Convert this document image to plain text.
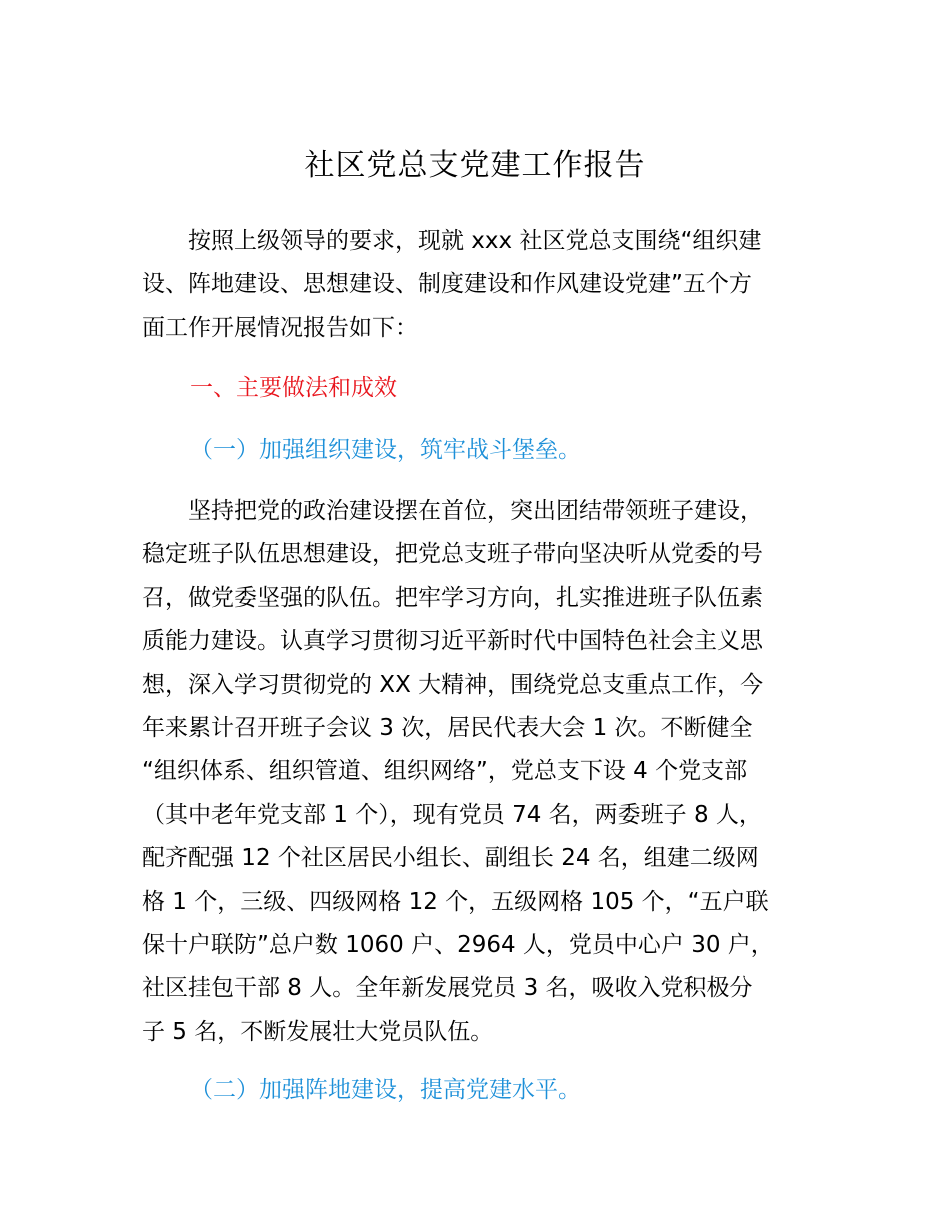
社区党总支党建工作报告

　　按照上级领导的要求，现就 xxx 社区党总支围绕“组织建
设、阵地建设、思想建设、制度建设和作风建设党建”五个方
面工作开展情况报告如下：

一、主要做法和成效
（一）加强组织建设，筑牢战斗堡垒。

　　坚持把党的政治建设摆在首位，突出团结带领班子建设，
稳定班子队伍思想建设，把党总支班子带向坚决听从党委的号
召，做党委坚强的队伍。把牢学习方向，扎实推进班子队伍素
质能力建设。认真学习贯彻习近平新时代中国特色社会主义思
想，深入学习贯彻党的 XX 大精神，围绕党总支重点工作，今
年来累计召开班子会议 3 次，居民代表大会 1 次。不断健全
“组织体系、组织管道、组织网络”，党总支下设 4 个党支部
（其中老年党支部 1 个），现有党员 74 名，两委班子 8 人，
配齐配强 12 个社区居民小组长、副组长 24 名，组建二级网
格 1 个，三级、四级网格 12 个，五级网格 105 个，“五户联
保十户联防”总户数 1060 户、2964 人，党员中心户 30 户，
社区挂包干部 8 人。全年新发展党员 3 名，吸收入党积极分
子 5 名，不断发展壮大党员队伍。

（二）加强阵地建设，提高党建水平。
